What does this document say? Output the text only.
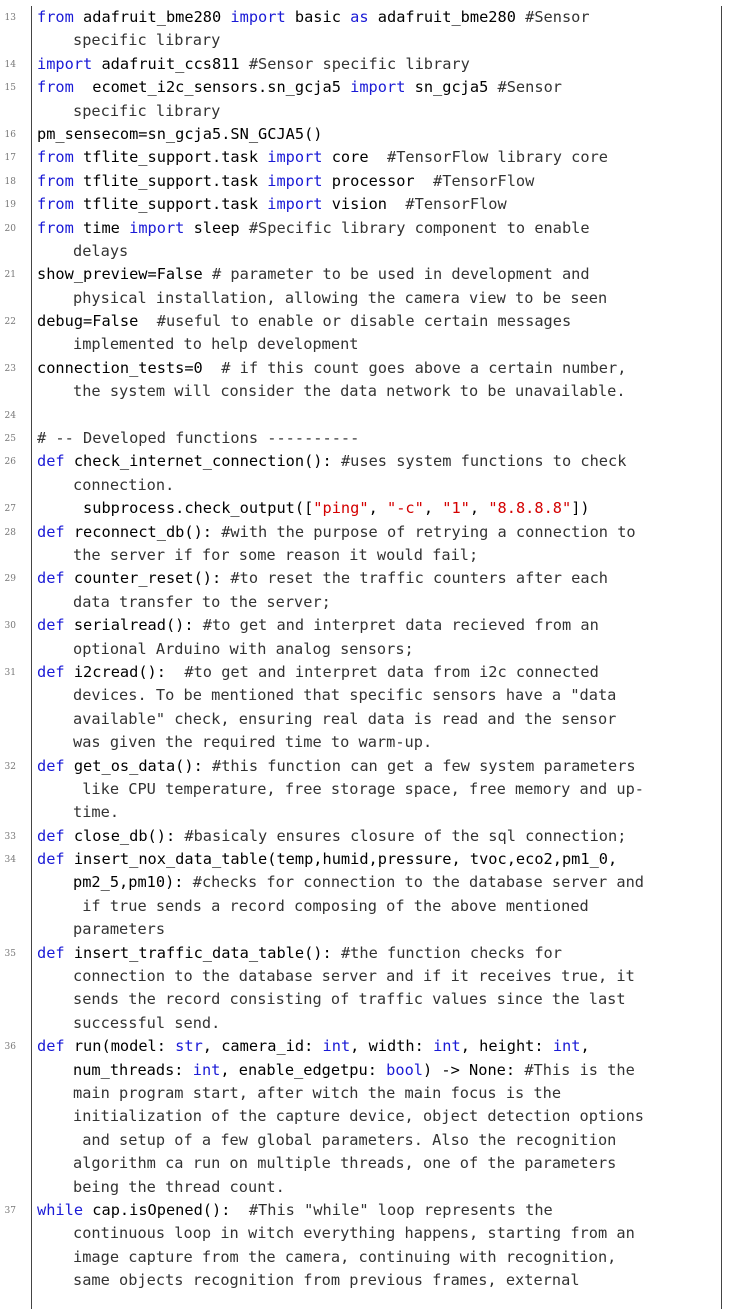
13 from adafruit_bme280 import basic as adafruit_bme280 #Sensor
specific library
14 import adafruit_ccs811 #Sensor specific library
15 from  ecomet_i2c_sensors.sn_gcja5 import sn_gcja5 #Sensor
specific library
16 pm_sensecom=sn_gcja5.SN_GCJA5()
17 from tflite_support.task import core  #TensorFlow library core
18 from tflite_support.task import processor  #TensorFlow
19 from tflite_support.task import vision  #TensorFlow
20 from time import sleep #Specific library component to enable
delays
21 show_preview=False # parameter to be used in development and
physical installation, allowing the camera view to be seen
22 debug=False  #useful to enable or disable certain messages
implemented to help development
23 connection_tests=0  # if this count goes above a certain number,
the system will consider the data network to be unavailable.
24
25 # -- Developed functions ----------
26 def check_internet_connection(): #uses system functions to check
connection.
27 subprocess.check_output(["ping", "-c", "1", "8.8.8.8"])
28 def reconnect_db(): #with the purpose of retrying a connection to
the server if for some reason it would fail;
29 def counter_reset(): #to reset the traffic counters after each
data transfer to the server;
30 def serialread(): #to get and interpret data recieved from an
optional Arduino with analog sensors;
31 def i2cread():  #to get and interpret data from i2c connected
devices. To be mentioned that specific sensors have a "data
available" check, ensuring real data is read and the sensor
was given the required time to warm-up.
32 def get_os_data(): #this function can get a few system parameters
like CPU temperature, free storage space, free memory and up-
time.
33 def close_db(): #basicaly ensures closure of the sql connection;
34 def insert_nox_data_table(temp,humid,pressure, tvoc,eco2,pm1_0,
pm2_5,pm10): #checks for connection to the database server and
if true sends a record composing of the above mentioned
parameters
35 def insert_traffic_data_table(): #the function checks for
connection to the database server and if it receives true, it
sends the record consisting of traffic values since the last
successful send.
36 def run(model: str, camera_id: int, width: int, height: int,
num_threads: int, enable_edgetpu: bool) -> None: #This is the
main program start, after witch the main focus is the
initialization of the capture device, object detection options
and setup of a few global parameters. Also the recognition
algorithm ca run on multiple threads, one of the parameters
being the thread count.
37 while cap.isOpened():  #This "while" loop represents the
continuous loop in witch everything happens, starting from an
image capture from the camera, continuing with recognition,
same objects recognition from previous frames, external
